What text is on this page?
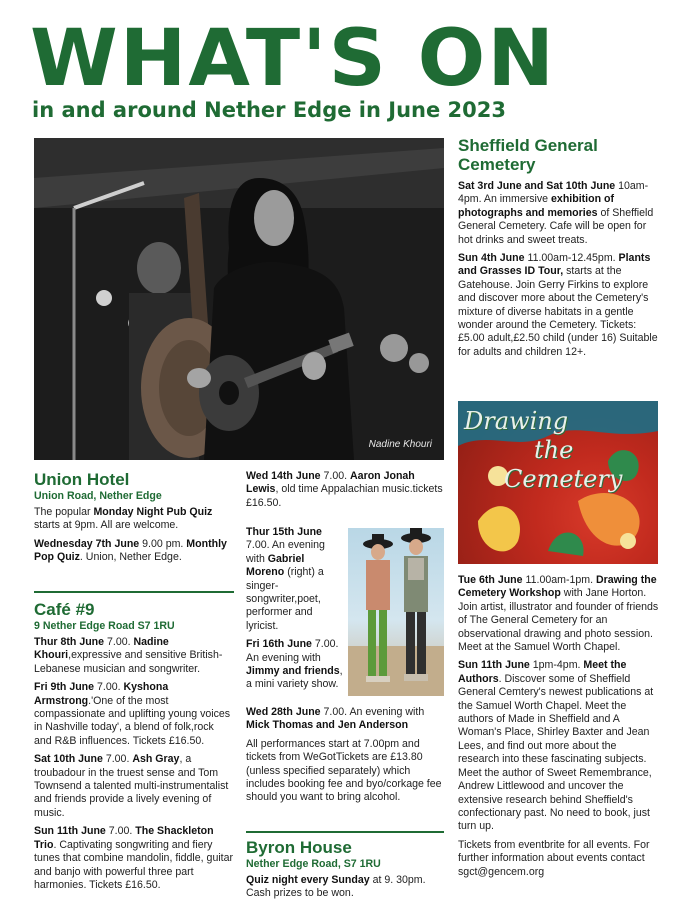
WHAT'S ON
in and around Nether Edge in June 2023
Nadine Khouri
Sheffield General Cemetery

Sat 3rd June and Sat 10th June 10am-4pm. An immersive exhibition of photographs and memories of Sheffield General Cemetery. Cafe will be open for hot drinks and sweet treats.

Sun 4th June 11.00am-12.45pm. Plants and Grasses ID Tour, starts at the Gatehouse. Join Gerry Firkins to explore and discover more about the Cemetery's mixture of diverse habitats in a gentle wonder around the Cemetery. Tickets: £5.00 adult,£2.50 child (under 16) Suitable for adults and children 12+.

Drawing
the
Cemetery

Tue 6th June 11.00am-1pm. Drawing the Cemetery Workshop with Jane Horton. Join artist, illustrator and founder of friends of The General Cemetery for an observational drawing and photo session. Meet at the Samuel Worth Chapel.

Sun 11th June 1pm-4pm. Meet the Authors. Discover some of Sheffield General Cemtery's newest publications at the Samuel Worth Chapel. Meet the authors of Made in Sheffield and A Woman's Place, Shirley Baxter and Jean Lees, and find out more about the research into these fascinating subjects. Meet the author of Sweet Remembrance, Andrew Littlewood and uncover the extensive research behind Sheffield's confectionary past. No need to book, just turn up.

Tickets from eventbrite for all events. For further information about events contact sgct@gencem.org

Union Hotel
Union Road, Nether Edge

The popular Monday Night Pub Quiz starts at 9pm. All are welcome.

Wednesday 7th June 9.00 pm. Monthly Pop Quiz. Union, Nether Edge.

Café #9
9 Nether Edge Road S7 1RU

Thur 8th June 7.00. Nadine Khouri,expressive and sensitive British-Lebanese musician and songwriter.

Fri 9th June 7.00. Kyshona Armstrong.'One of the most compassionate and uplifting young voices in Nashville today', a blend of folk,rock and R&B influences. Tickets £16.50.

Sat 10th June 7.00. Ash Gray, a troubadour in the truest sense and Tom Townsend a talented multi-instrumentalist and friends provide a lively evening of music.

Sun 11th June 7.00. The Shackleton Trio. Captivating songwriting and fiery tunes that combine mandolin, fiddle, guitar and banjo with powerful three part harmonies. Tickets £16.50.

Wed 14th June 7.00. Aaron Jonah Lewis, old time Appalachian music.tickets £16.50.

Thur 15th June 7.00. An evening with Gabriel Moreno (right) a singer-songwriter,poet, performer and lyricist.

Fri 16th June 7.00. An evening with Jimmy and friends, a mini variety show.

Wed 28th June 7.00. An evening with Mick Thomas and Jen Anderson

All performances start at 7.00pm and tickets from WeGotTickets are £13.80 (unless specified separately) which includes booking fee and byo/corkage fee should you want to bring alcohol.

Byron House
Nether Edge Road, S7 1RU

Quiz night every Sunday at 9. 30pm. Cash prizes to be won.
